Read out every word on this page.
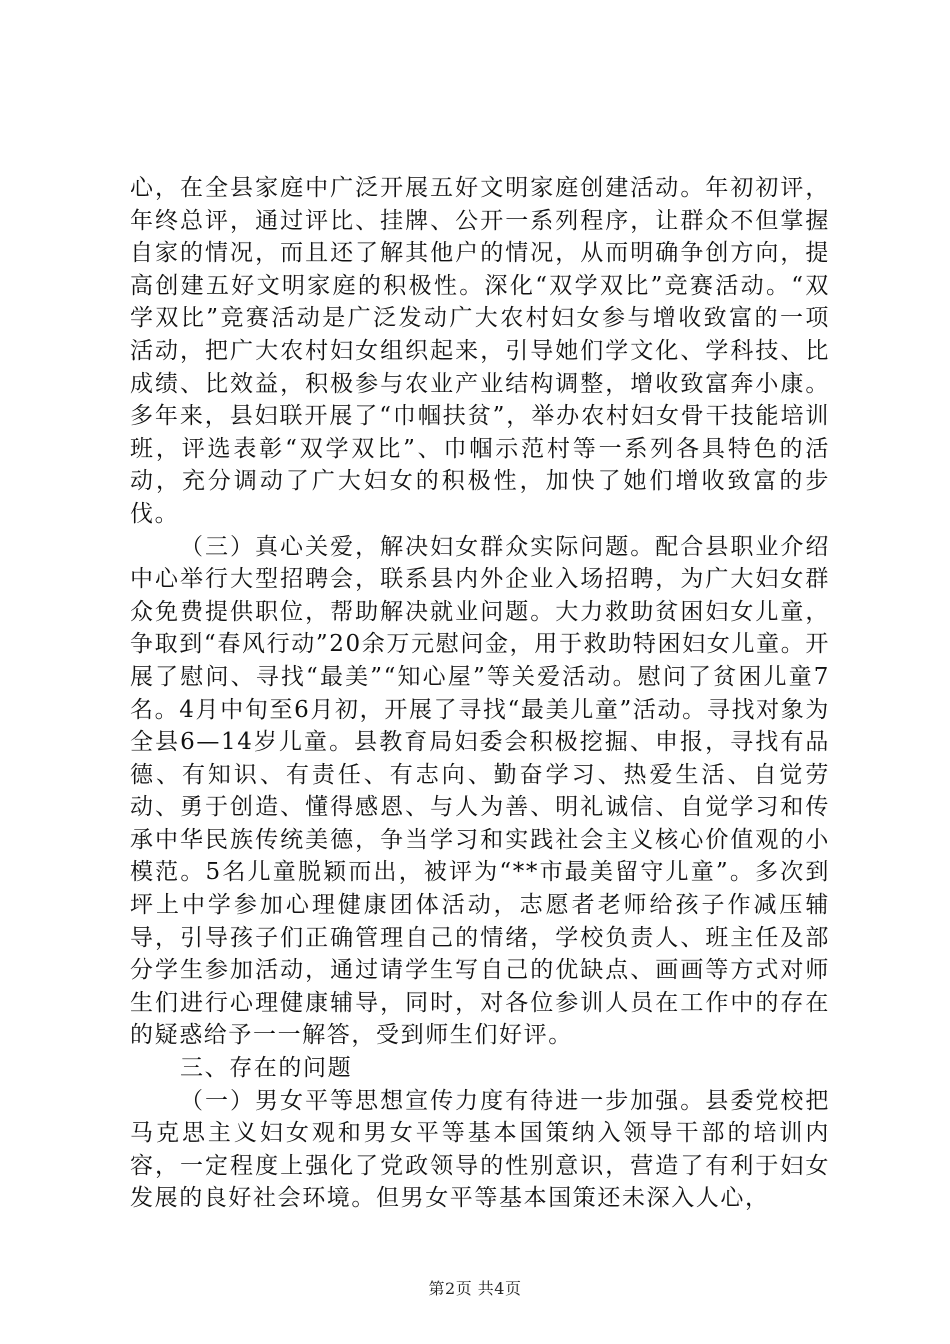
心，在全县家庭中广泛开展五好文明家庭创建活动。年初初评，年终总评，通过评比、挂牌、公开一系列程序，让群众不但掌握自家的情况，而且还了解其他户的情况，从而明确争创方向，提高创建五好文明家庭的积极性。深化“双学双比”竞赛活动。“双学双比”竞赛活动是广泛发动广大农村妇女参与增收致富的一项活动，把广大农村妇女组织起来，引导她们学文化、学科技、比成绩、比效益，积极参与农业产业结构调整，增收致富奔小康。多年来，县妇联开展了“巾帼扶贫”，举办农村妇女骨干技能培训班，评选表彰“双学双比”、巾帼示范村等一系列各具特色的活动，充分调动了广大妇女的积极性，加快了她们增收致富的步伐。

（三）真心关爱，解决妇女群众实际问题。配合县职业介绍中心举行大型招聘会，联系县内外企业入场招聘，为广大妇女群众免费提供职位，帮助解决就业问题。大力救助贫困妇女儿童，争取到“春风行动”20余万元慰问金，用于救助特困妇女儿童。开展了慰问、寻找“最美”“知心屋”等关爱活动。慰问了贫困儿童7名。4月中旬至6月初，开展了寻找“最美儿童”活动。寻找对象为全县6—14岁儿童。县教育局妇委会积极挖掘、申报，寻找有品德、有知识、有责任、有志向、勤奋学习、热爱生活、自觉劳动、勇于创造、懂得感恩、与人为善、明礼诚信、自觉学习和传承中华民族传统美德，争当学习和实践社会主义核心价值观的小模范。5名儿童脱颖而出，被评为“**市最美留守儿童”。多次到坪上中学参加心理健康团体活动，志愿者老师给孩子作减压辅导，引导孩子们正确管理自己的情绪，学校负责人、班主任及部分学生参加活动，通过请学生写自己的优缺点、画画等方式对师生们进行心理健康辅导，同时，对各位参训人员在工作中的存在的疑惑给予一一解答，受到师生们好评。

三、存在的问题

（一）男女平等思想宣传力度有待进一步加强。县委党校把马克思主义妇女观和男女平等基本国策纳入领导干部的培训内容，一定程度上强化了党政领导的性别意识，营造了有利于妇女发展的良好社会环境。但男女平等基本国策还未深入人心，

第2页 共4页
